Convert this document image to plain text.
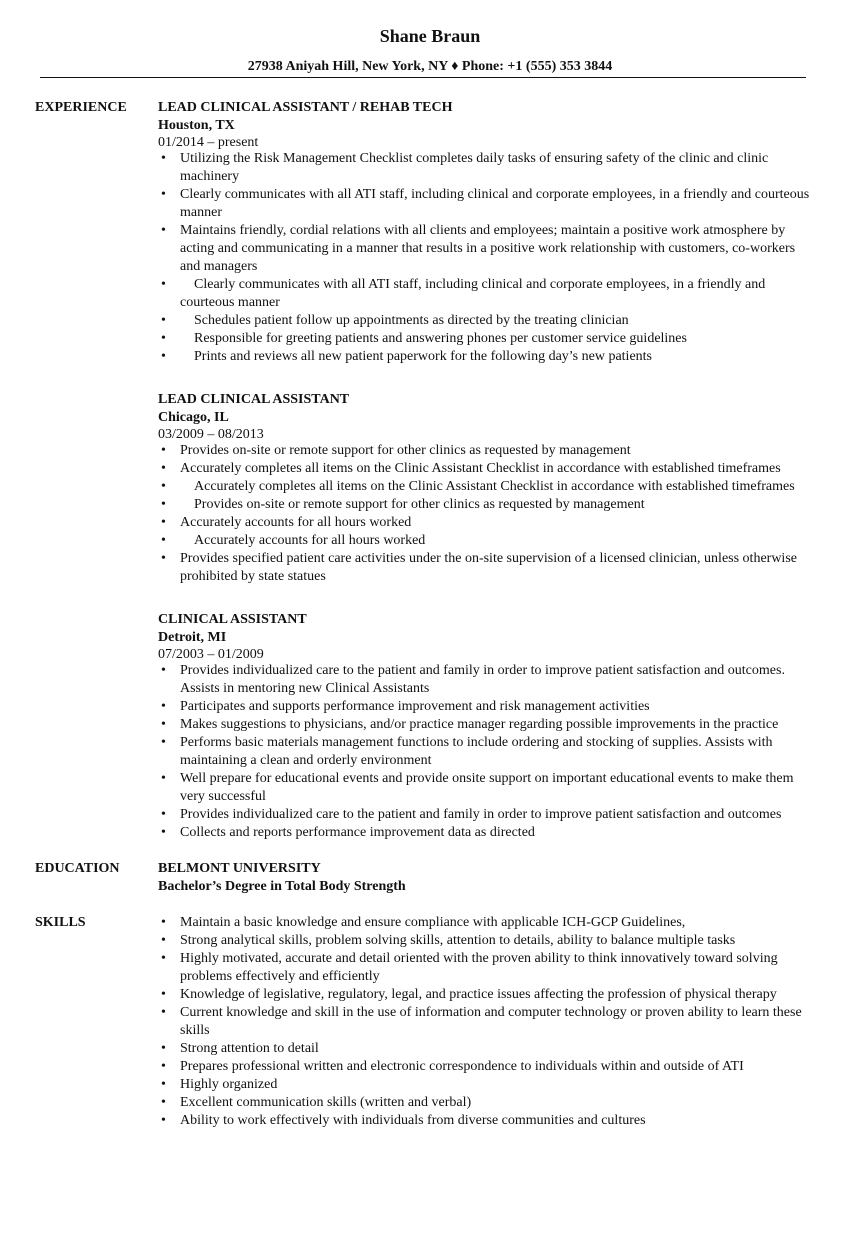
Shane Braun
27938 Aniyah Hill, New York, NY ♦ Phone: +1 (555) 353 3844
EXPERIENCE LEAD CLINICAL ASSISTANT / REHAB TECH
Houston, TX
01/2014 – present
• Utilizing the Risk Management Checklist completes daily tasks of ensuring safety of the clinic and clinic machinery
• Clearly communicates with all ATI staff, including clinical and corporate employees, in a friendly and courteous manner
• Maintains friendly, cordial relations with all clients and employees; maintain a positive work atmosphere by acting and communicating in a manner that results in a positive work relationship with customers, co-workers and managers
•     Clearly communicates with all ATI staff, including clinical and corporate employees, in a friendly and courteous manner
•     Schedules patient follow up appointments as directed by the treating clinician
•     Responsible for greeting patients and answering phones per customer service guidelines
•     Prints and reviews all new patient paperwork for the following day’s new patients
LEAD CLINICAL ASSISTANT
Chicago, IL
03/2009 – 08/2013
• Provides on-site or remote support for other clinics as requested by management
• Accurately completes all items on the Clinic Assistant Checklist in accordance with established timeframes
•     Accurately completes all items on the Clinic Assistant Checklist in accordance with established timeframes
•     Provides on-site or remote support for other clinics as requested by management
• Accurately accounts for all hours worked
•     Accurately accounts for all hours worked
• Provides specified patient care activities under the on-site supervision of a licensed clinician, unless otherwise prohibited by state statues
CLINICAL ASSISTANT
Detroit, MI
07/2003 – 01/2009
• Provides individualized care to the patient and family in order to improve patient satisfaction and outcomes. Assists in mentoring new Clinical Assistants
• Participates and supports performance improvement and risk management activities
• Makes suggestions to physicians, and/or practice manager regarding possible improvements in the practice
• Performs basic materials management functions to include ordering and stocking of supplies. Assists with maintaining a clean and orderly environment
• Well prepare for educational events and provide onsite support on important educational events to make them very successful
• Provides individualized care to the patient and family in order to improve patient satisfaction and outcomes
• Collects and reports performance improvement data as directed
EDUCATION	BELMONT UNIVERSITY
Bachelor’s Degree in Total Body Strength
SKILLS
•	Maintain a basic knowledge and ensure compliance with applicable ICH-GCP Guidelines,
• Strong analytical skills, problem solving skills, attention to details, ability to balance multiple tasks
• Highly motivated, accurate and detail oriented with the proven ability to think innovatively toward solving problems effectively and efficiently
• Knowledge of legislative, regulatory, legal, and practice issues affecting the profession of physical therapy
• Current knowledge and skill in the use of information and computer technology or proven ability to learn these skills
• Strong attention to detail
• Prepares professional written and electronic correspondence to individuals within and outside of ATI
• Highly organized
• Excellent communication skills (written and verbal)
• Ability to work effectively with individuals from diverse communities and cultures
